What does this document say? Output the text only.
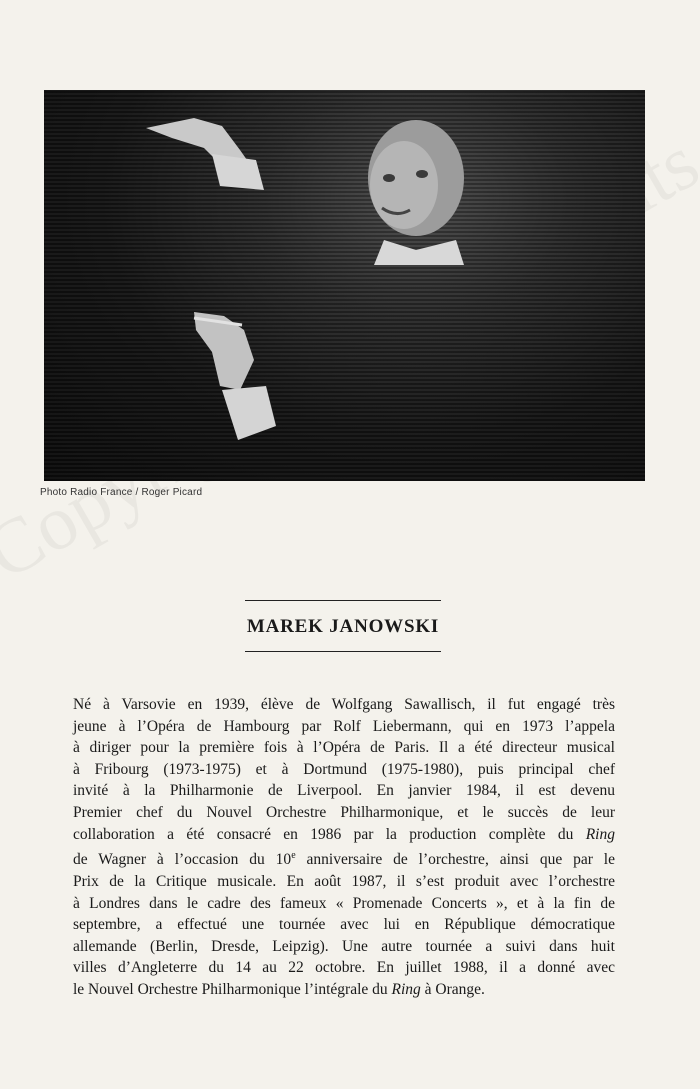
Photo Radio France / Roger Picard
MAREK JANOWSKI
Né à Varsovie en 1939, élève de Wolfgang Sawallisch, il fut engagé très
jeune à l’Opéra de Hambourg par Rolf Liebermann, qui en 1973 l’appela
à diriger pour la première fois à l’Opéra de Paris. Il a été directeur musical
à Fribourg (1973-1975) et à Dortmund (1975-1980), puis principal chef
invité à la Philharmonie de Liverpool. En janvier 1984, il est devenu
Premier chef du Nouvel Orchestre Philharmonique, et le succès de leur
collaboration a été consacré en 1986 par la production complète du Ring
de Wagner à l’occasion du 10e anniversaire de l’orchestre, ainsi que par le
Prix de la Critique musicale. En août 1987, il s’est produit avec l’orchestre
à Londres dans le cadre des fameux « Promenade Concerts », et à la fin de
septembre, a effectué une tournée avec lui en République démocratique
allemande (Berlin, Dresde, Leipzig). Une autre tournée a suivi dans huit
villes d’Angleterre du 14 au 22 octobre. En juillet 1988, il a donné avec
le Nouvel Orchestre Philharmonique l’intégrale du Ring à Orange.
